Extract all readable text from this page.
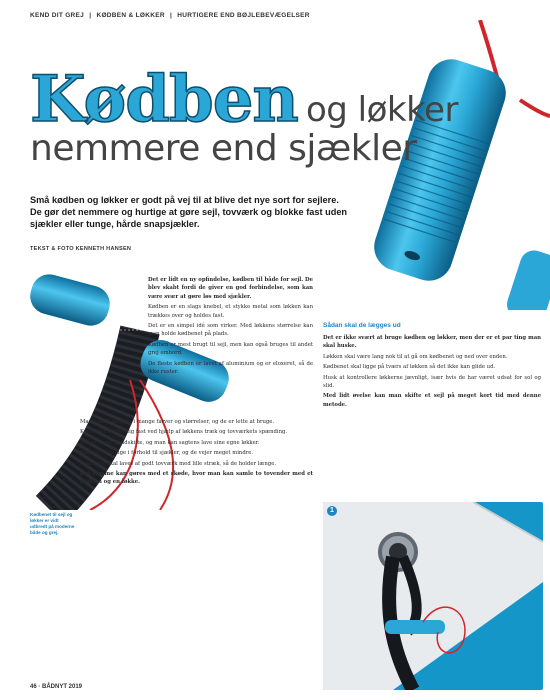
KEND DIT GREJ | KØDBEN & LØKKER | HURTIGERE END BØJLEBEVÆGELSER
Kødben og løkker
nemmere end sjækler
Små kødben og løkker er godt på vej til at blive det nye sort for sejlere. De gør det nemmere og hurtige at gøre sejl, tovværk og blokke fast uden sjækler eller tunge, hårde snapsjækler.
TEKST & FOTO KENNETH HANSEN
Kødbenet til sejl og løkker er vidt udbredt på moderne både og grej.

Det er lidt en ny opfindelse, kødben til både for sejl. De blev skabt fordi de giver en god forbindelse, som kan være svær at gøre løs med sjækler.

Kødben er en slags knebel, et stykke metal som løkken kan trækkes over og holdes fast.

Det er en simpel idé som virker. Med løkkens størrelse kan man holde kødbenet på plads.

Kødben er mest brugt til sejl, men kan også bruges til andet grej ombord.

De fleste kødben er lavet af aluminium og er eloxeret, så de ikke ruster.

Man kan få kødben i mange farver og størrelser, og de er lette at bruge.

Kødbenet holder sig fast ved hjælp af løkkens træk og tovværkets spænding.

Det er nemt at udskifte, og man kan sagtens lave sine egne løkker.

Kødben er billige i forhold til sjækler, og de vejer meget mindre.

Løkkerne skal laves af godt tovværk med lille stræk, så de holder længe.

Det samme kan gøres med et skøde, hvor man kan samle to tovender med et kødben og en løkke.

Sådan skal de lægges ud

Det er ikke svært at bruge kødben og løkker, men der er et par ting man skal huske.

Løkken skal være lang nok til at gå om kødbenet og ned over enden.

Kødbenet skal ligge på tværs af løkken så det ikke kan glide ud.

Husk at kontrollere løkkerne jævnligt, især hvis de har været udsat for sol og slid.

Med lidt øvelse kan man skifte et sejl på meget kort tid med denne metode.

1
46 · BÅDNYT 2019
